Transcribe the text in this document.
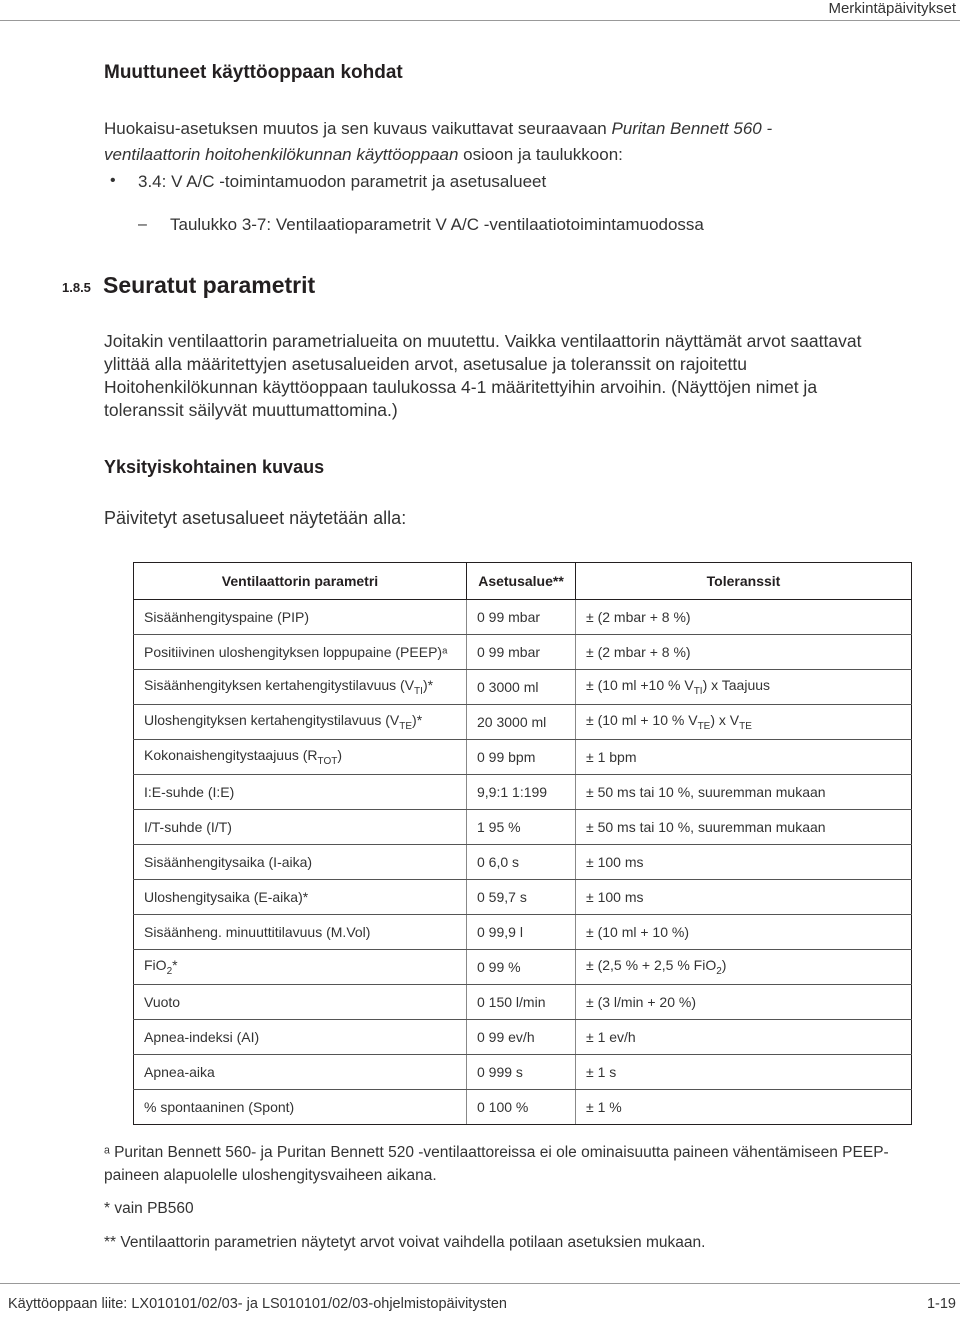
Merkintäpäivitykset
Muuttuneet käyttöoppaan kohdat
Huokaisu-asetuksen muutos ja sen kuvaus vaikuttavat seuraavaan Puritan Bennett 560 -ventilaattorin hoitohenkilökunnan käyttöoppaan osioon ja taulukkoon:
• 3.4: V A/C -toimintamuodon parametrit ja asetusalueet
– Taulukko 3-7: Ventilaatioparametrit V A/C -ventilaatiotoimintamuodossa
1.8.5 Seuratut parametrit
Joitakin ventilaattorin parametrialueita on muutettu. Vaikka ventilaattorin näyttämät arvot saattavat ylittää alla määritettyjen asetusalueiden arvot, asetusalue ja toleranssit on rajoitettu Hoitohenkilökunnan käyttöoppaan taulukossa 4-1 määritettyihin arvoihin. (Näyttöjen nimet ja toleranssit säilyvät muuttumattomina.)
Yksityiskohtainen kuvaus
Päivitetyt asetusalueet näytetään alla:
Ventilaattorin parametri	Asetusalue**	Toleranssit
Sisäänhengityspaine (PIP)	0 99 mbar	± (2 mbar + 8 %)
Positiivinen uloshengityksen loppupaine (PEEP)ᵃ	0 99 mbar	± (2 mbar + 8 %)
Sisäänhengityksen kertahengitystilavuus $(V_{TI})*$	0 3000 ml	± (10 ml +10 % $V_{TI}$) x Taajuus
Uloshengityksen kertahengitystilavuus $(V_{TE})*$	20 3000 ml	± (10 ml + 10 % $V_{TE}$) x $V_{TE}$
Kokonaishengitystaajuus $(R_{TOT})$	0 99 bpm	± 1 bpm
I:E-suhde (I:E)	9,9:1 1:199	± 50 ms tai 10 %, suuremman mukaan
I/T-suhde (I/T)	1 95 %	± 50 ms tai 10 %, suuremman mukaan
Sisäänhengitysaika (I-aika)	0 6,0 s	± 100 ms
Uloshengitysaika (E-aika)*	0 59,7 s	± 100 ms
Sisäänheng. minuuttitilavuus (M.Vol)	0 99,9 l	± (10 ml + 10 %)
FiO$_2$*	0 99 %	± (2,5 % + 2,5 % FiO$_2$)
Vuoto	0 150 l/min	± (3 l/min + 20 %)
Apnea-indeksi (AI)	0 99 ev/h	± 1 ev/h
Apnea-aika	0 999 s	± 1 s
% spontaaninen (Spont)	0 100 %	± 1 %
ᵃ Puritan Bennett 560- ja Puritan Bennett 520 -ventilaattoreissa ei ole ominaisuutta paineen vähentämiseen PEEP-paineen alapuolelle uloshengitysvaiheen aikana.
* vain PB560
** Ventilaattorin parametrien näytetyt arvot voivat vaihdella potilaan asetuksien mukaan.
Käyttöoppaan liite: LX010101/02/03- ja LS010101/02/03-ohjelmistopäivitysten	1-19
